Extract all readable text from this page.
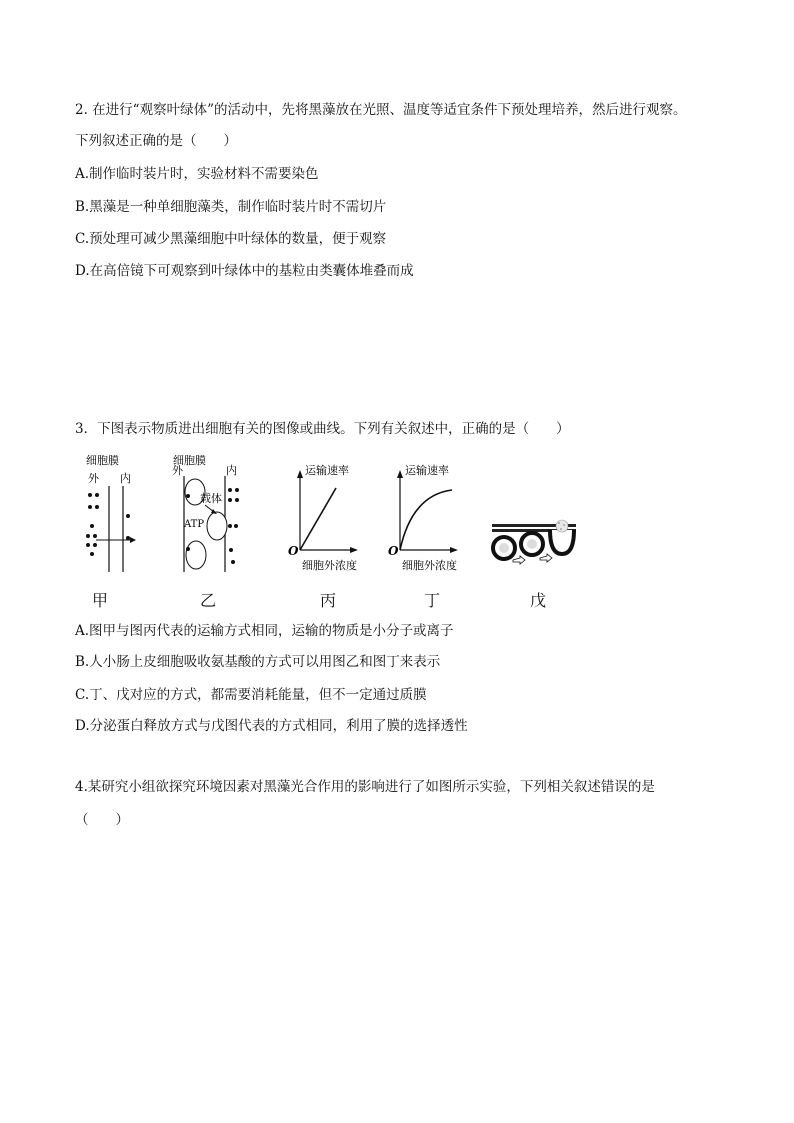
2. 在进行“观察叶绿体”的活动中，先将黑藻放在光照、温度等适宜条件下预处理培养，然后进行观察。
下列叙述正确的是（　　）
A.制作临时装片时，实验材料不需要染色
B.黑藻是一种单细胞藻类，制作临时装片时不需切片
C.预处理可减少黑藻细胞中叶绿体的数量，便于观察
D.在高倍镜下可观察到叶绿体中的基粒由类囊体堆叠而成
3．下图表示物质进出细胞有关的图像或曲线。下列有关叙述中，正确的是（　　）
细胞膜
外 内
细胞膜
外	内
载体
ATP
运输速率
O
细胞外浓度
运输速率
O
细胞外浓度
甲	乙	丙	丁	戊
A.图甲与图丙代表的运输方式相同，运输的物质是小分子或离子
B.人小肠上皮细胞吸收氨基酸的方式可以用图乙和图丁来表示
C.丁、戊对应的方式，都需要消耗能量，但不一定通过质膜
D.分泌蛋白释放方式与戊图代表的方式相同，利用了膜的选择透性
4.某研究小组欲探究环境因素对黑藻光合作用的影响进行了如图所示实验，下列相关叙述错误的是
（　　）
